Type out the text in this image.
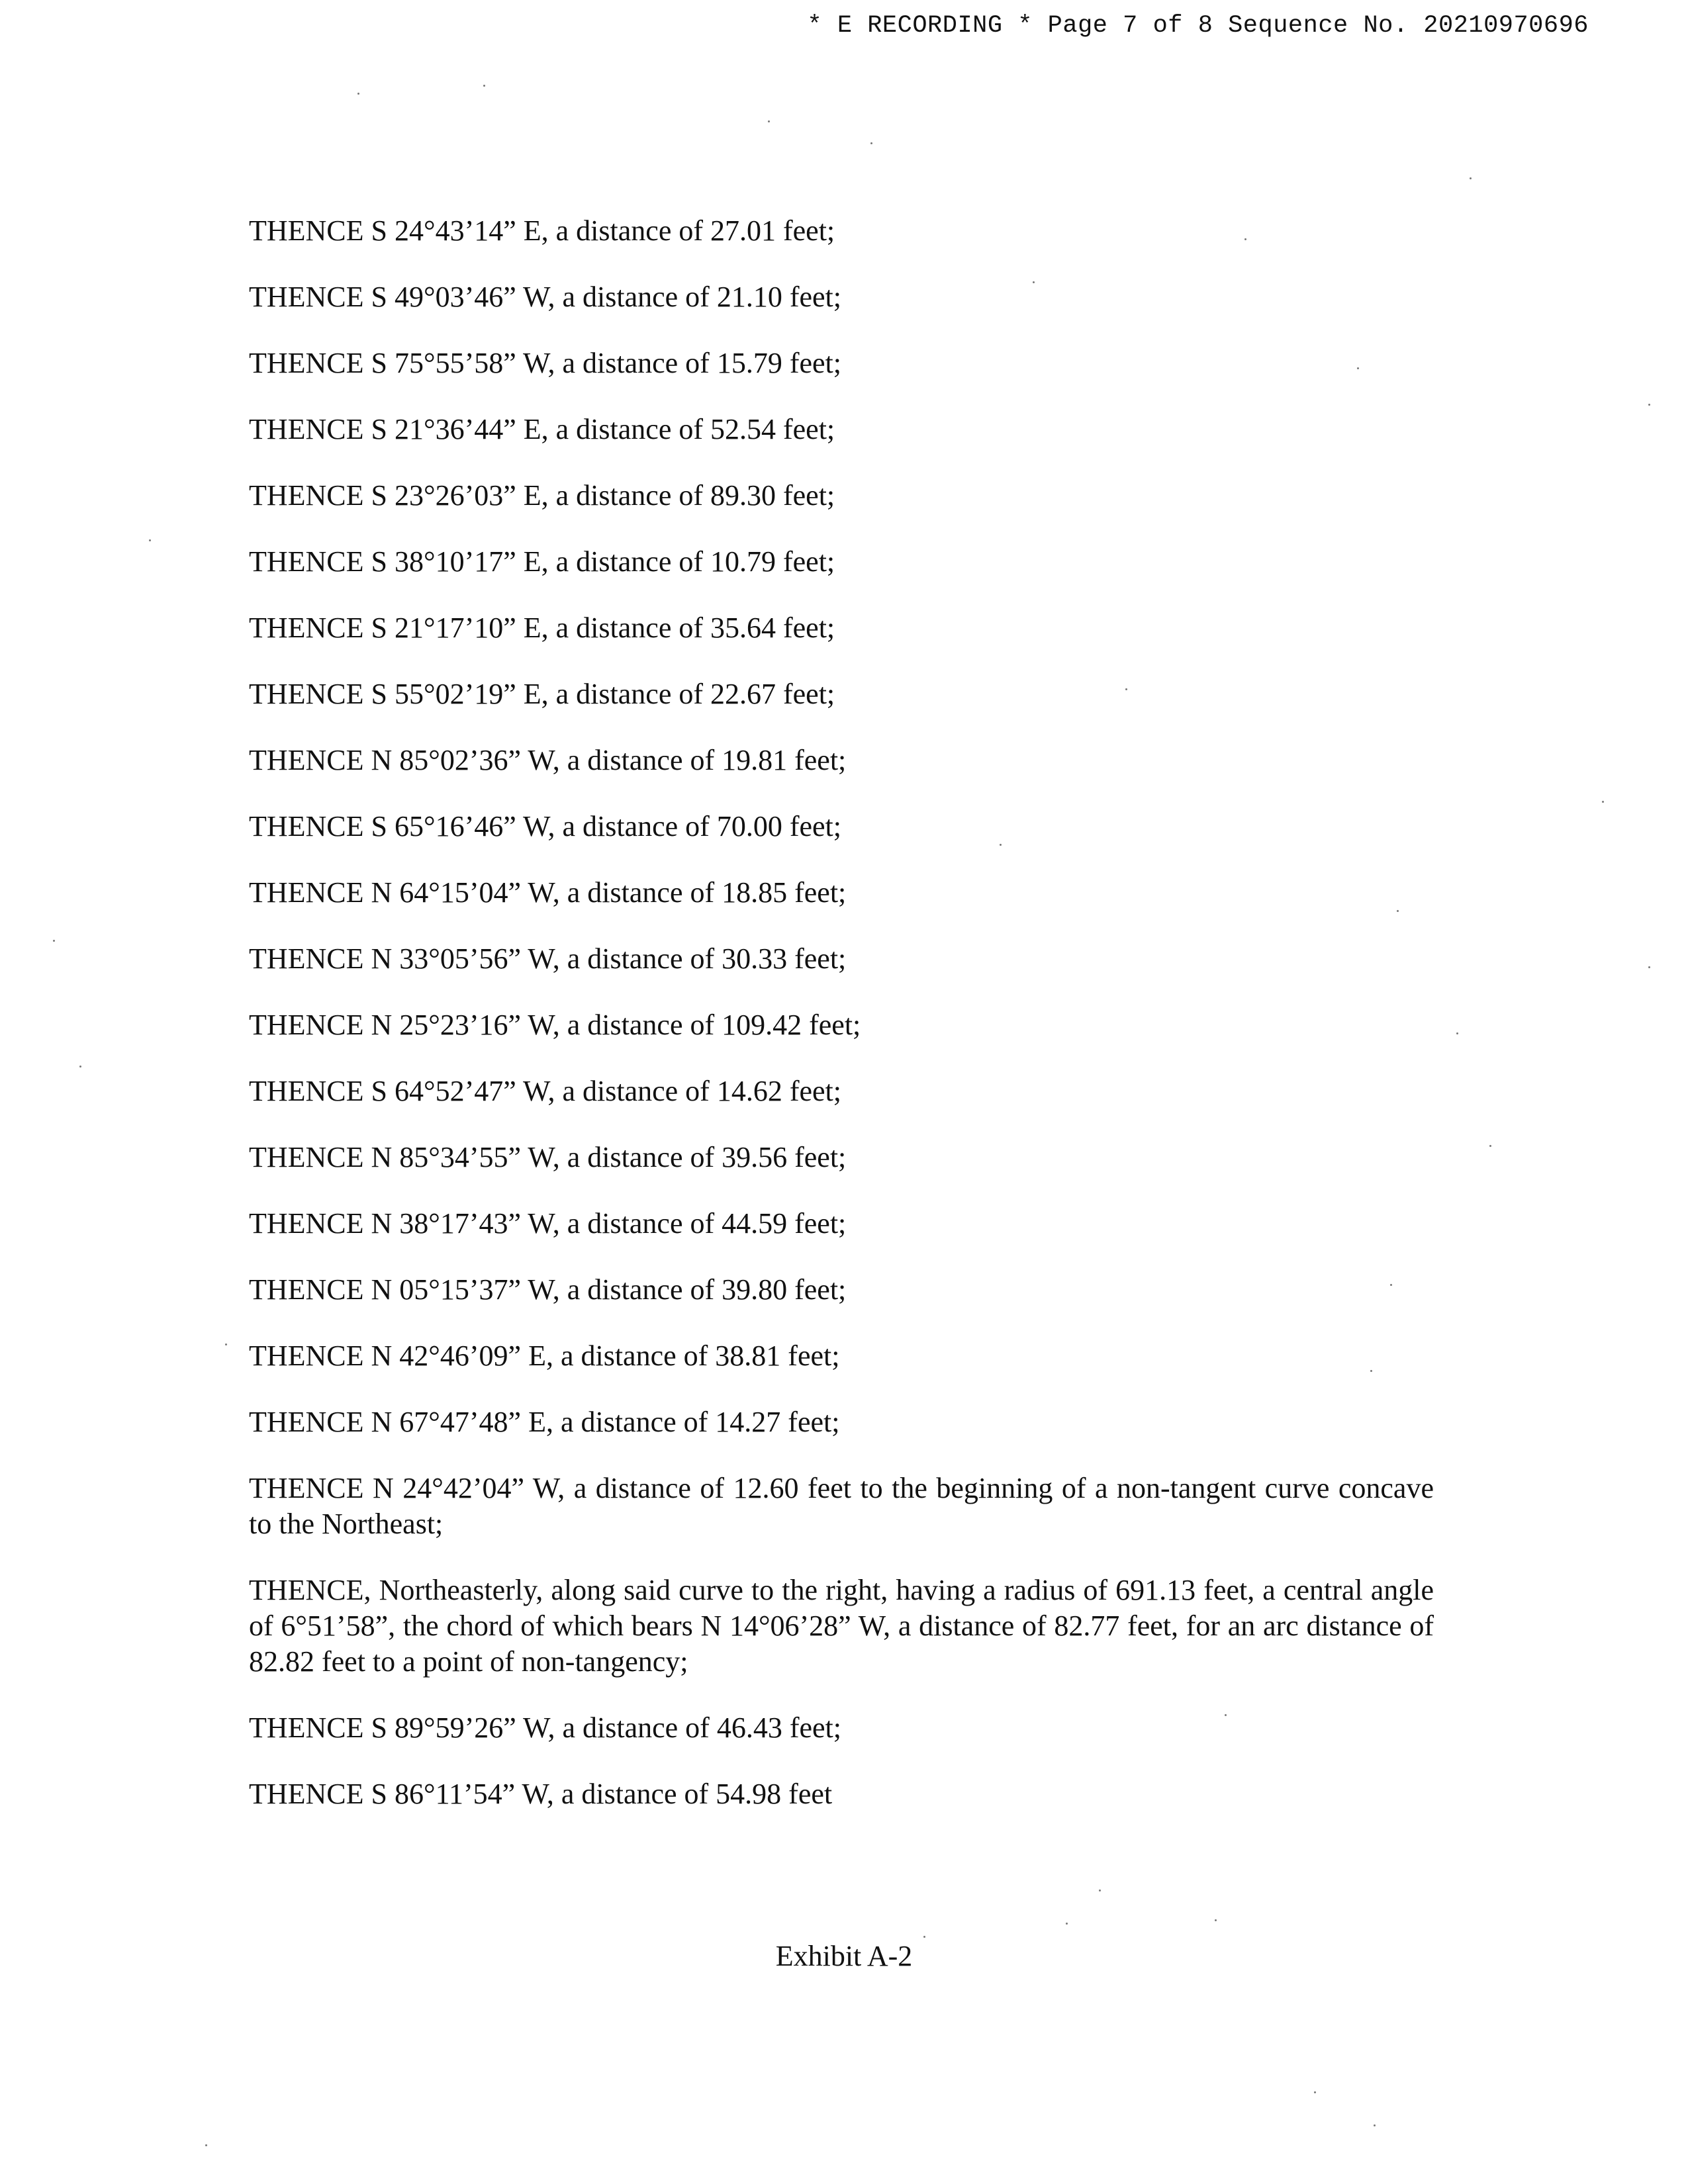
* E RECORDING * Page 7 of 8 Sequence No. 20210970696

THENCE S 24°43’14” E, a distance of 27.01 feet;

THENCE S 49°03’46” W, a distance of 21.10 feet;

THENCE S 75°55’58” W, a distance of 15.79 feet;

THENCE S 21°36’44” E, a distance of 52.54 feet;

THENCE S 23°26’03” E, a distance of 89.30 feet;

THENCE S 38°10’17” E, a distance of 10.79 feet;

THENCE S 21°17’10” E, a distance of 35.64 feet;

THENCE S 55°02’19” E, a distance of 22.67 feet;

THENCE N 85°02’36” W, a distance of 19.81 feet;

THENCE S 65°16’46” W, a distance of 70.00 feet;

THENCE N 64°15’04” W, a distance of 18.85 feet;

THENCE N 33°05’56” W, a distance of 30.33 feet;

THENCE N 25°23’16” W, a distance of 109.42 feet;

THENCE S 64°52’47” W, a distance of 14.62 feet;

THENCE N 85°34’55” W, a distance of 39.56 feet;

THENCE N 38°17’43” W, a distance of 44.59 feet;

THENCE N 05°15’37” W, a distance of 39.80 feet;

THENCE N 42°46’09” E, a distance of 38.81 feet;

THENCE N 67°47’48” E, a distance of 14.27 feet;

THENCE N 24°42’04” W, a distance of 12.60 feet to the beginning of a non-tangent curve concave to the Northeast;

THENCE, Northeasterly, along said curve to the right, having a radius of 691.13 feet, a central angle of 6°51’58”, the chord of which bears N 14°06’28” W, a distance of 82.77 feet, for an arc distance of 82.82 feet to a point of non-tangency;

THENCE S 89°59’26” W, a distance of 46.43 feet;

THENCE S 86°11’54” W, a distance of 54.98 feet

Exhibit A-2
